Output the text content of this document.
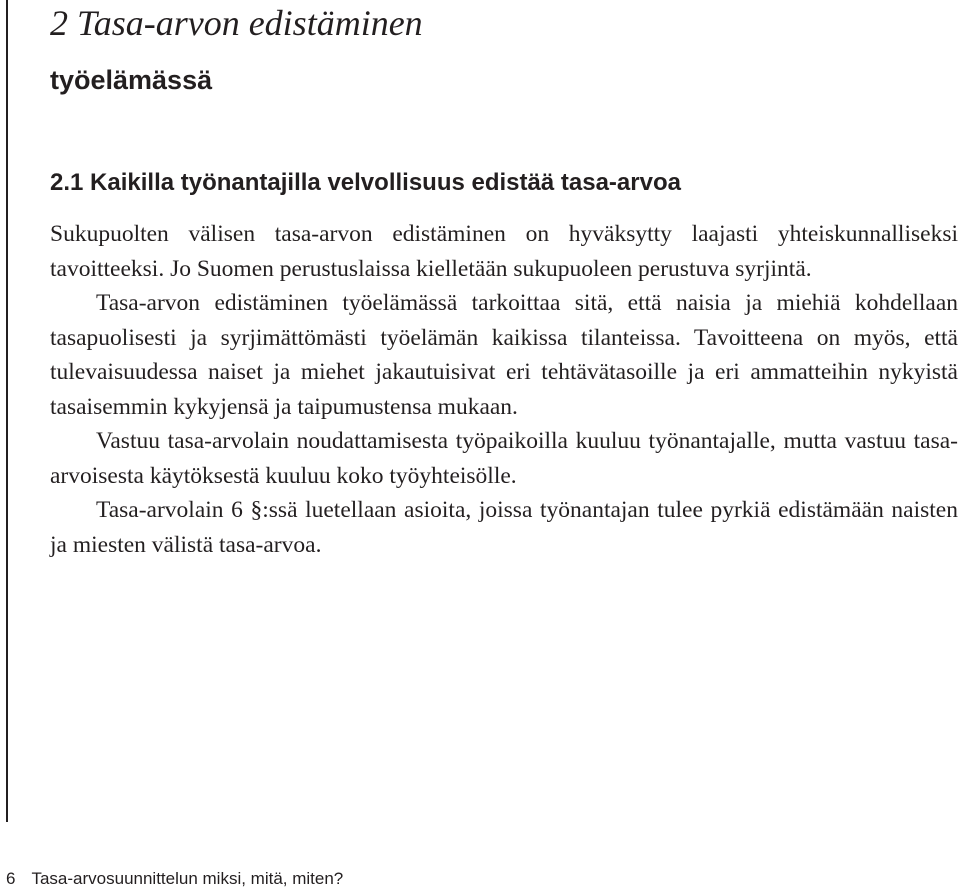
2 Tasa-arvon edistäminen
työelämässä
2.1 Kaikilla työnantajilla velvollisuus edistää tasa-arvoa

Sukupuolten välisen tasa-arvon edistäminen on hyväksytty laajasti yhteiskunnalliseksi tavoitteeksi. Jo Suomen perustuslaissa kielletään sukupuoleen perustuva syrjintä.

Tasa-arvon edistäminen työelämässä tarkoittaa sitä, että naisia ja miehiä kohdellaan tasapuolisesti ja syrjimättömästi työelämän kaikissa tilanteissa. Tavoitteena on myös, että tulevaisuudessa naiset ja miehet jakautuisivat eri tehtävätasoille ja eri ammatteihin nykyistä tasaisemmin kykyjensä ja taipumustensa mukaan.

Vastuu tasa-arvolain noudattamisesta työpaikoilla kuuluu työnantajalle, mutta vastuu tasa-arvoisesta käytöksestä kuuluu koko työyhteisölle.

Tasa-arvolain 6 §:ssä luetellaan asioita, joissa työnantajan tulee pyrkiä edistämään naisten ja miesten välistä tasa-arvoa.

6 Tasa-arvosuunnittelun miksi, mitä, miten?
